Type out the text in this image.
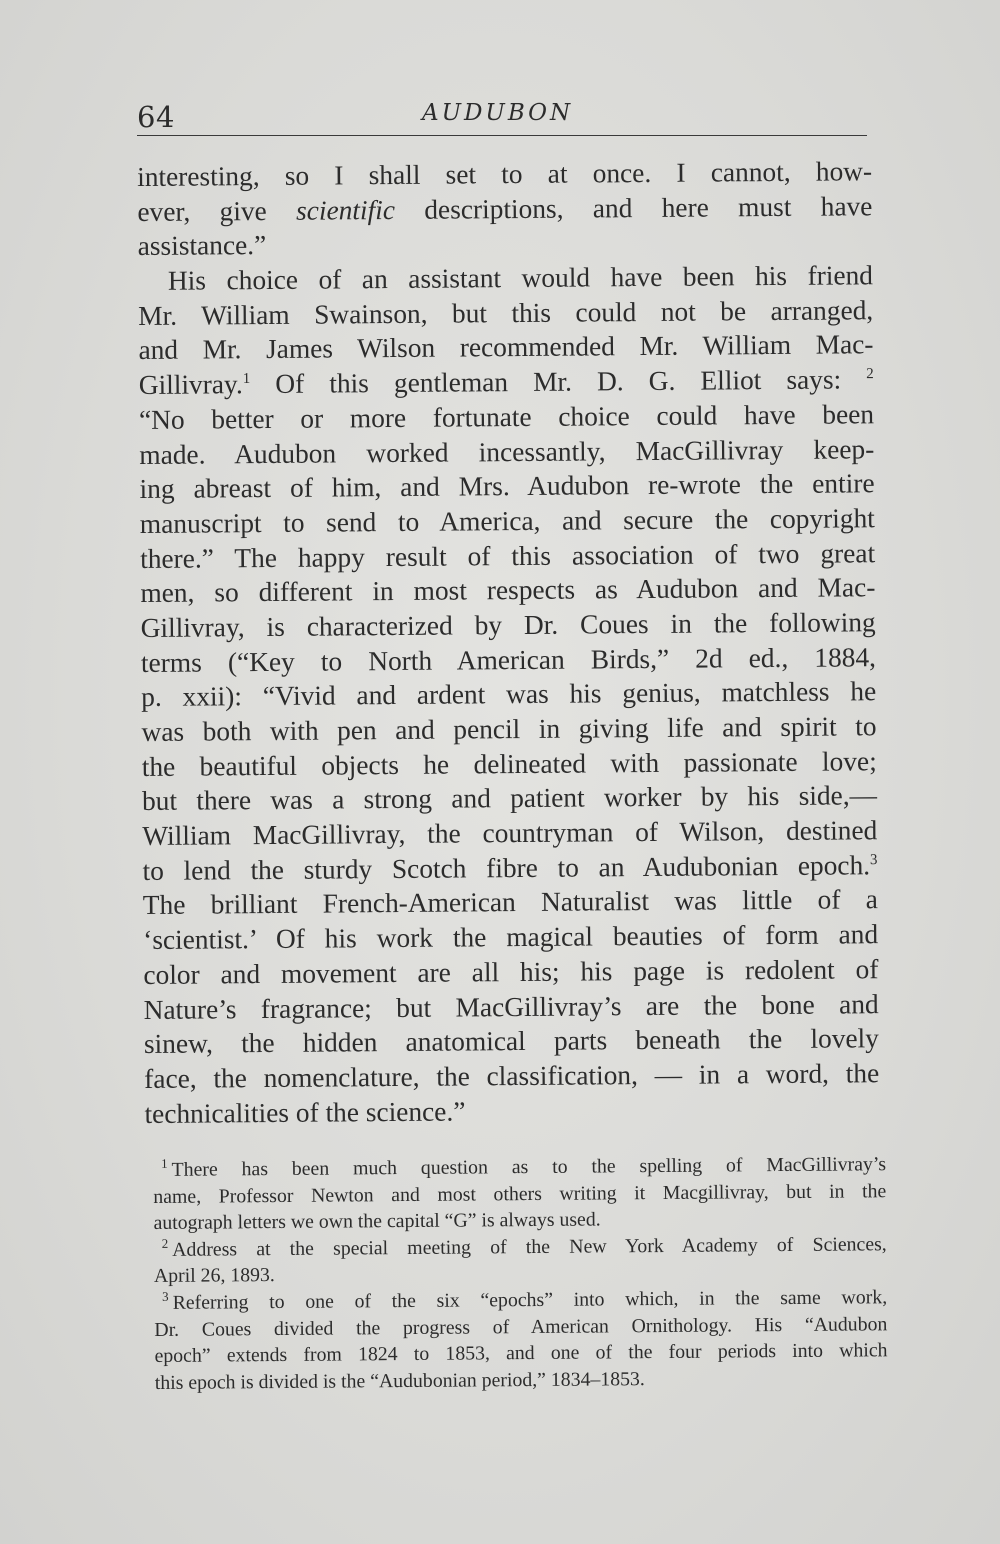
64	AUDUBON
interesting, so I shall set to at once. I cannot, how-
ever, give scientific descriptions, and here must have
assistance.”
His choice of an assistant would have been his friend
Mr. William Swainson, but this could not be arranged,
and Mr. James Wilson recommended Mr. William Mac-
Gillivray.$^1$ Of this gentleman Mr. D. G. Elliot says: $^2$
“No better or more fortunate choice could have been
made. Audubon worked incessantly, MacGillivray keep-
ing abreast of him, and Mrs. Audubon re-wrote the entire
manuscript to send to America, and secure the copyright
there.” The happy result of this association of two great
men, so different in most respects as Audubon and Mac-
Gillivray, is characterized by Dr. Coues in the following
terms (“Key to North American Birds,” 2d ed., 1884,
p. xxii): “Vivid and ardent was his genius, matchless he
was both with pen and pencil in giving life and spirit to
the beautiful objects he delineated with passionate love;
but there was a strong and patient worker by his side,—
William MacGillivray, the countryman of Wilson, destined
to lend the sturdy Scotch fibre to an Audubonian epoch.$^3$
The brilliant French-American Naturalist was little of a
‘scientist.’ Of his work the magical beauties of form and
color and movement are all his; his page is redolent of
Nature’s fragrance; but MacGillivray’s are the bone and
sinew, the hidden anatomical parts beneath the lovely
face, the nomenclature, the classification, — in a word, the
technicalities of the science.”
$^1$ There has been much question as to the spelling of MacGillivray’s
name, Professor Newton and most others writing it Macgillivray, but in the
autograph letters we own the capital “G” is always used.
$^2$ Address at the special meeting of the New York Academy of Sciences,
April 26, 1893.
$^3$ Referring to one of the six “epochs” into which, in the same work,
Dr. Coues divided the progress of American Ornithology. His “Audubon
epoch” extends from 1824 to 1853, and one of the four periods into which
this epoch is divided is the “Audubonian period,” 1834–1853.
